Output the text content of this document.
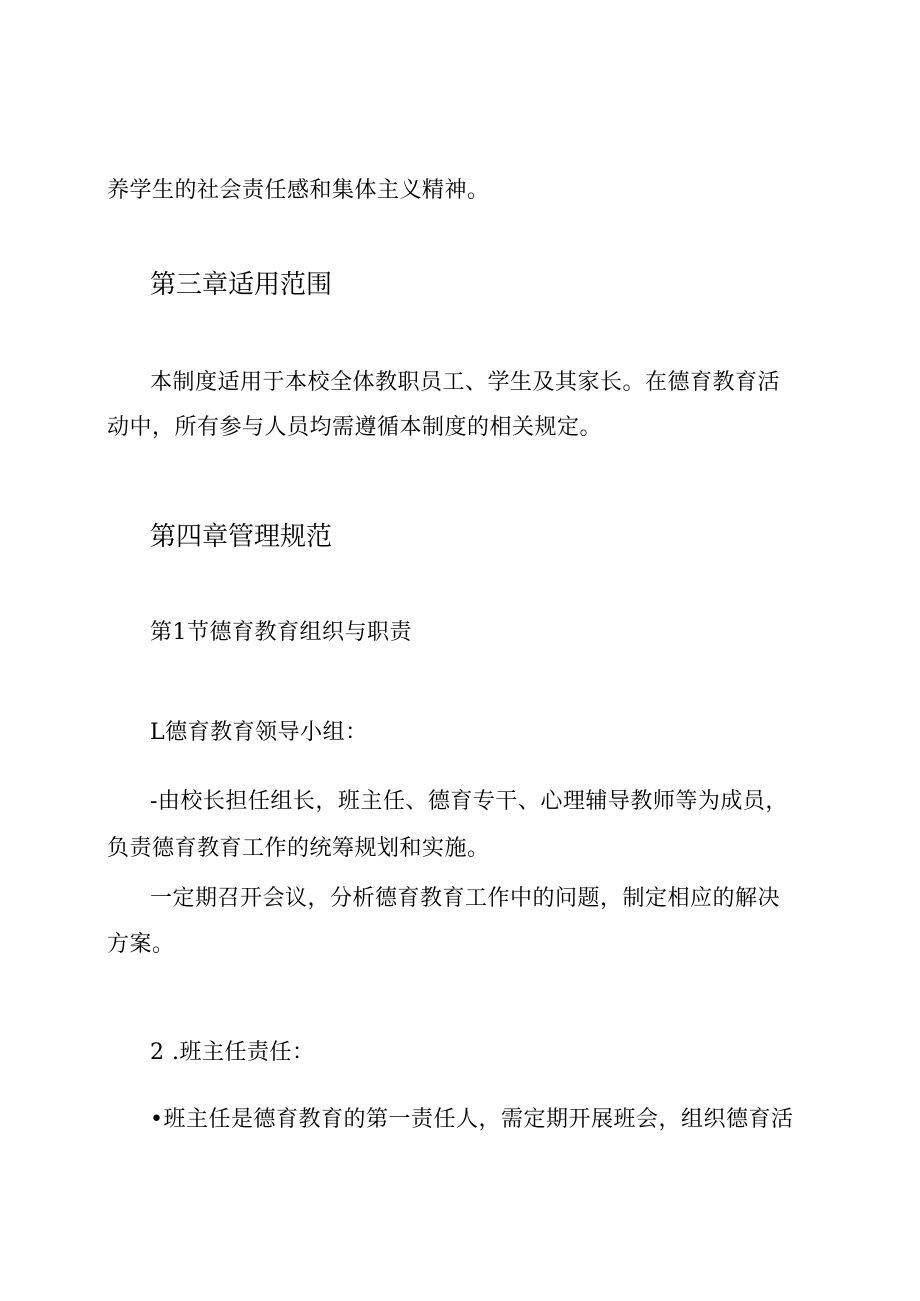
养学生的社会责任感和集体主义精神。
第三章适用范围
本制度适用于本校全体教职员工、学生及其家长。在德育教育活
动中，所有参与人员均需遵循本制度的相关规定。
第四章管理规范
第1节德育教育组织与职责
L德育教育领导小组：
-由校长担任组长，班主任、德育专干、心理辅导教师等为成员，
负责德育教育工作的统筹规划和实施。
一定期召开会议，分析德育教育工作中的问题，制定相应的解决
方案。
2 .班主任责任：
•班主任是德育教育的第一责任人，需定期开展班会，组织德育活
